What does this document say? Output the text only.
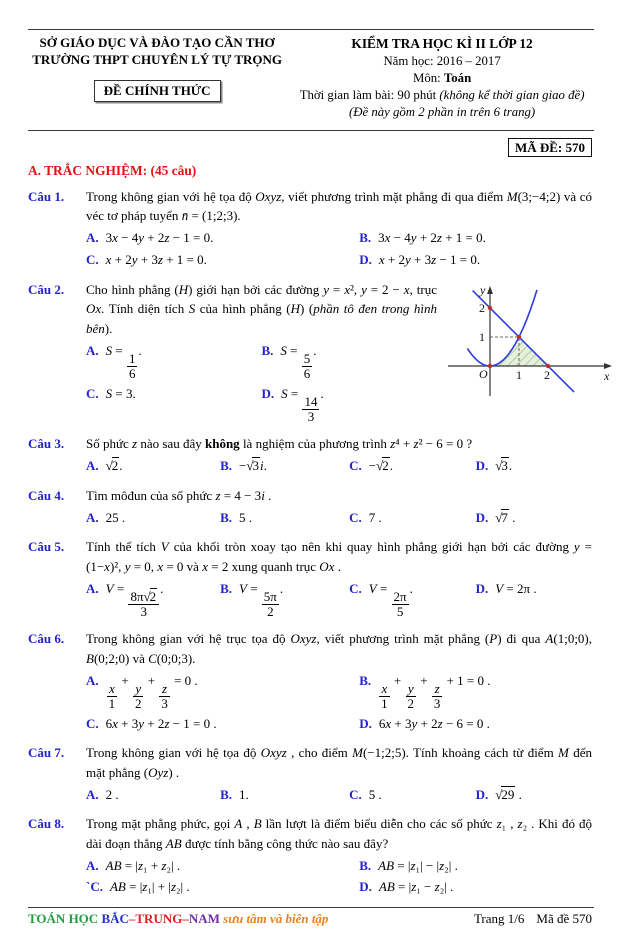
SỞ GIÁO DỤC VÀ ĐÀO TẠO CẦN THƠ
TRƯỜNG THPT CHUYÊN LÝ TỰ TRỌNG
ĐỀ CHÍNH THỨC
KIỂM TRA HỌC KÌ II LỚP 12
Năm học: 2016 – 2017
Môn: Toán
Thời gian làm bài: 90 phút (không kể thời gian giao đề)
(Đề này gồm 2 phần in trên 6 trang)
MÃ ĐỀ: 570
A. TRẮC NGHIỆM: (45 câu)
Câu 1.	Trong không gian với hệ tọa độ Oxyz, viết phương trình mặt phẳng đi qua điểm M(3;−4;2) và có véc tơ pháp tuyến n̄ = (1;2;3).
A. 3x − 4y + 2z − 1 = 0.	B. 3x − 4y + 2z + 1 = 0.
C. x + 2y + 3z + 1 = 0.	D. x + 2y + 3z − 1 = 0.
Câu 2.	Cho hình phẳng (H) giới hạn bởi các đường y = x², y = 2 − x, trục Ox. Tính diện tích S của hình phẳng (H) (phần tô đen trong hình bên).
A. S =
$\frac{1}{6}$
.	B. S =
$\frac{5}{6}$
.
C. S = 3.	D. S =
$\frac{14}{3}$
.
y
x
O 1 2
1
2
Câu 3.	Số phức z nào sau đây không là nghiệm của phương trình z⁴ + z² − 6 = 0 ?
A. √2.	B. −√3i.	C. −√2.	D. √3.
Câu 4.	Tìm môđun của số phức z = 4 − 3i .
A. 25 .	B. 5 .	C. 7 .	D. √7 .
Câu 5.	Tính thể tích V của khối tròn xoay tạo nên khi quay hình phẳng giới hạn bởi các đường y = (1−x)², y = 0, x = 0 và x = 2 xung quanh trục Ox .
A. V =
$\frac{8\pi√2}{3}$
.	B. V =
$\frac{5\pi}{2}$
.	C. V =
$\frac{2\pi}{5}$
.	D. V = 2π .
Câu 6.	Trong không gian với hệ trục tọa độ Oxyz, viết phương trình mặt phẳng (P) đi qua A(1;0;0), B(0;2;0) và C(0;0;3).
A.
$\frac{x}{1}$
+
$\frac{y}{2}$
+
$\frac{z}{3}$
= 0 .	B.
$\frac{x}{1}$
+
$\frac{y}{2}$
+
$\frac{z}{3}$
+ 1 = 0 .
C. 6x + 3y + 2z − 1 = 0 .	D. 6x + 3y + 2z − 6 = 0 .
Câu 7.	Trong không gian với hệ tọa độ Oxyz , cho điểm M(−1;2;5). Tính khoảng cách từ điểm M đến mặt phẳng (Oyz) .
A. 2 .	B. 1.	C. 5 .	D. √29 .
Câu 8.	Trong mặt phẳng phức, gọi A , B lần lượt là điểm biểu diễn cho các số phức z₁ , z₂ . Khi đó độ dài đoạn thẳng AB được tính bằng công thức nào sau đây?
A. AB = |z₁ + z₂| .	B. AB = |z₁| − |z₂| .
`C. AB = |z₁| + |z₂| .	D. AB = |z₁ − z₂| .
TOÁN HỌC BẮC–TRUNG–NAM sưu tầm và biên tập	Trang 1/6 Mã đề 570
